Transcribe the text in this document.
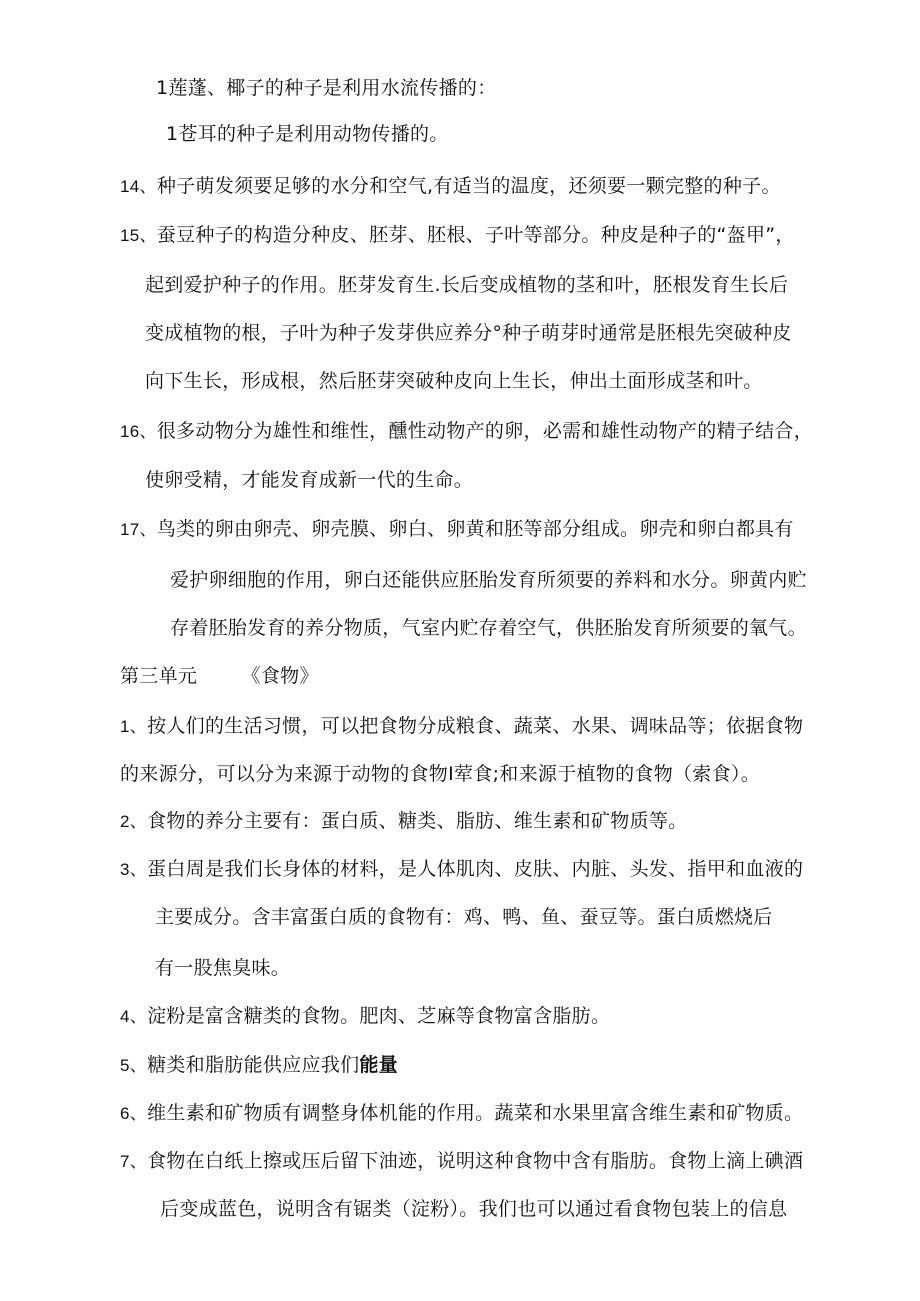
1莲蓬、椰子的种子是利用水流传播的：
1苍耳的种子是利用动物传播的。
14、种子萌发须要足够的水分和空气,有适当的温度，还须要一颗完整的种子。
15、蚕豆种子的构造分种皮、胚芽、胚根、子叶等部分。种皮是种子的“盔甲”，
起到爱护种子的作用。胚芽发育生.长后变成植物的茎和叶，胚根发育生长后
变成植物的根，子叶为种子发芽供应养分°种子萌芽时通常是胚根先突破种皮
向下生长，形成根，然后胚芽突破种皮向上生长，伸出土面形成茎和叶。
16、很多动物分为雄性和维性，醺性动物产的卵，必需和雄性动物产的精子结合，
使卵受精，才能发育成新一代的生命。
17、鸟类的卵由卵壳、卵壳膜、卵白、卵黄和胚等部分组成。卵壳和卵白都具有
爱护卵细胞的作用，卵白还能供应胚胎发育所须要的养料和水分。卵黄内贮
存着胚胎发育的养分物质，气室内贮存着空气，供胚胎发育所须要的氧气。
第三单元 《食物》
1、按人们的生活习惯，可以把食物分成粮食、蔬菜、水果、调味品等；依据食物
的来源分，可以分为来源于动物的食物I荤食;和来源于植物的食物（索食）。
2、食物的养分主要有：蛋白质、糖类、脂肪、维生素和矿物质等。
3、蛋白周是我们长身体的材料，是人体肌肉、皮肤、内脏、头发、指甲和血液的
主要成分。含丰富蛋白质的食物有：鸡、鸭、鱼、蚕豆等。蛋白质燃烧后
有一股焦臭味。
4、淀粉是富含糖类的食物。肥肉、芝麻等食物富含脂肪。
5、糖类和脂肪能供应应我们能量
6、维生素和矿物质有调整身体机能的作用。蔬菜和水果里富含维生素和矿物质。
7、食物在白纸上擦或压后留下油迹，说明这种食物中含有脂肪。食物上滴上碘酒
后变成蓝色，说明含有锯类（淀粉）。我们也可以通过看食物包装上的信息
